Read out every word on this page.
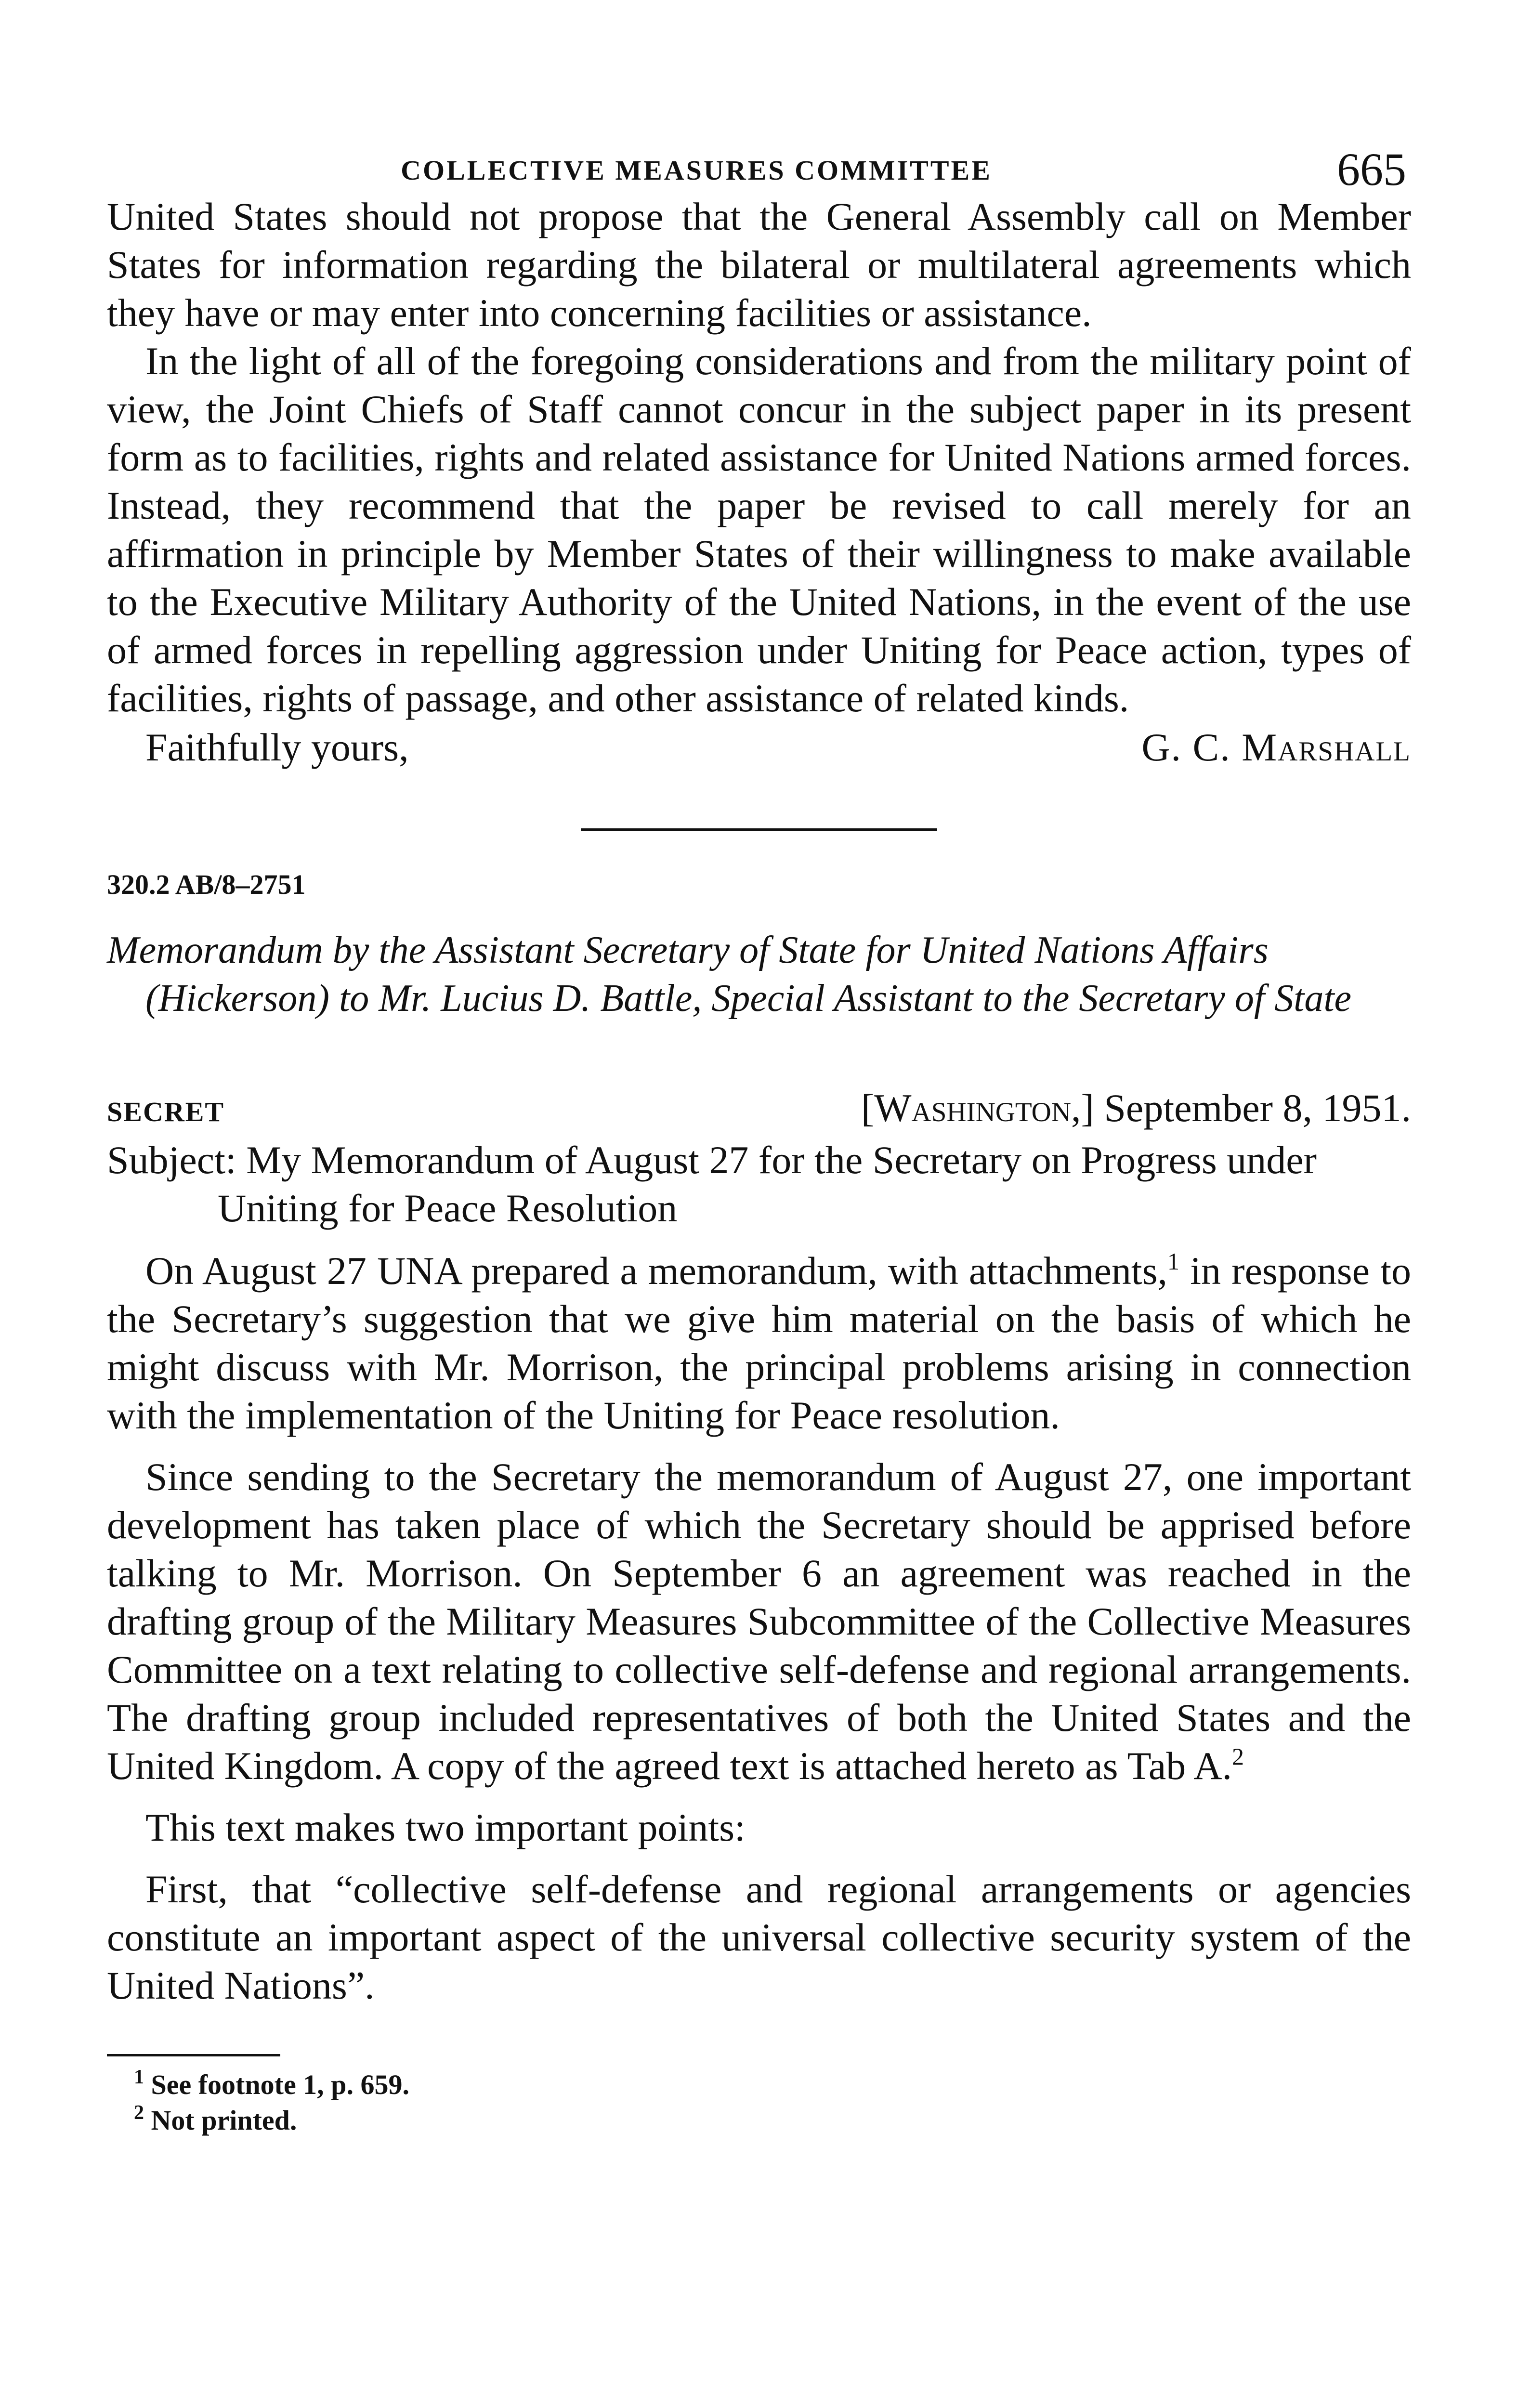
COLLECTIVE MEASURES COMMITTEE	665

United States should not propose that the General Assembly call on Member States for information regarding the bilateral or multilateral agreements which they have or may enter into concerning facilities or assistance.

In the light of all of the foregoing considerations and from the military point of view, the Joint Chiefs of Staff cannot concur in the subject paper in its present form as to facilities, rights and related assistance for United Nations armed forces. Instead, they recommend that the paper be revised to call merely for an affirmation in principle by Member States of their willingness to make available to the Executive Military Authority of the United Nations, in the event of the use of armed forces in repelling aggression under Uniting for Peace action, types of facilities, rights of passage, and other assistance of related kinds.

Faithfully yours,	G. C. Marshall
320.2 AB/8–2751
Memorandum by the Assistant Secretary of State for United Nations Affairs (Hickerson) to Mr. Lucius D. Battle, Special Assistant to the Secretary of State
SECRET	[Washington,] September 8, 1951.
Subject: My Memorandum of August 27 for the Secretary on Progress under Uniting for Peace Resolution

On August 27 UNA prepared a memorandum, with attachments,$^1$ in response to the Secretary’s suggestion that we give him material on the basis of which he might discuss with Mr. Morrison, the principal problems arising in connection with the implementation of the Uniting for Peace resolution.

Since sending to the Secretary the memorandum of August 27, one important development has taken place of which the Secretary should be apprised before talking to Mr. Morrison. On September 6 an agreement was reached in the drafting group of the Military Measures Subcommittee of the Collective Measures Committee on a text relating to collective self-defense and regional arrangements. The drafting group included representatives of both the United States and the United Kingdom. A copy of the agreed text is attached hereto as Tab A.$^2$

This text makes two important points:

First, that “collective self-defense and regional arrangements or agencies constitute an important aspect of the universal collective security system of the United Nations”.

$^1$ See footnote 1, p. 659.
$^2$ Not printed.
